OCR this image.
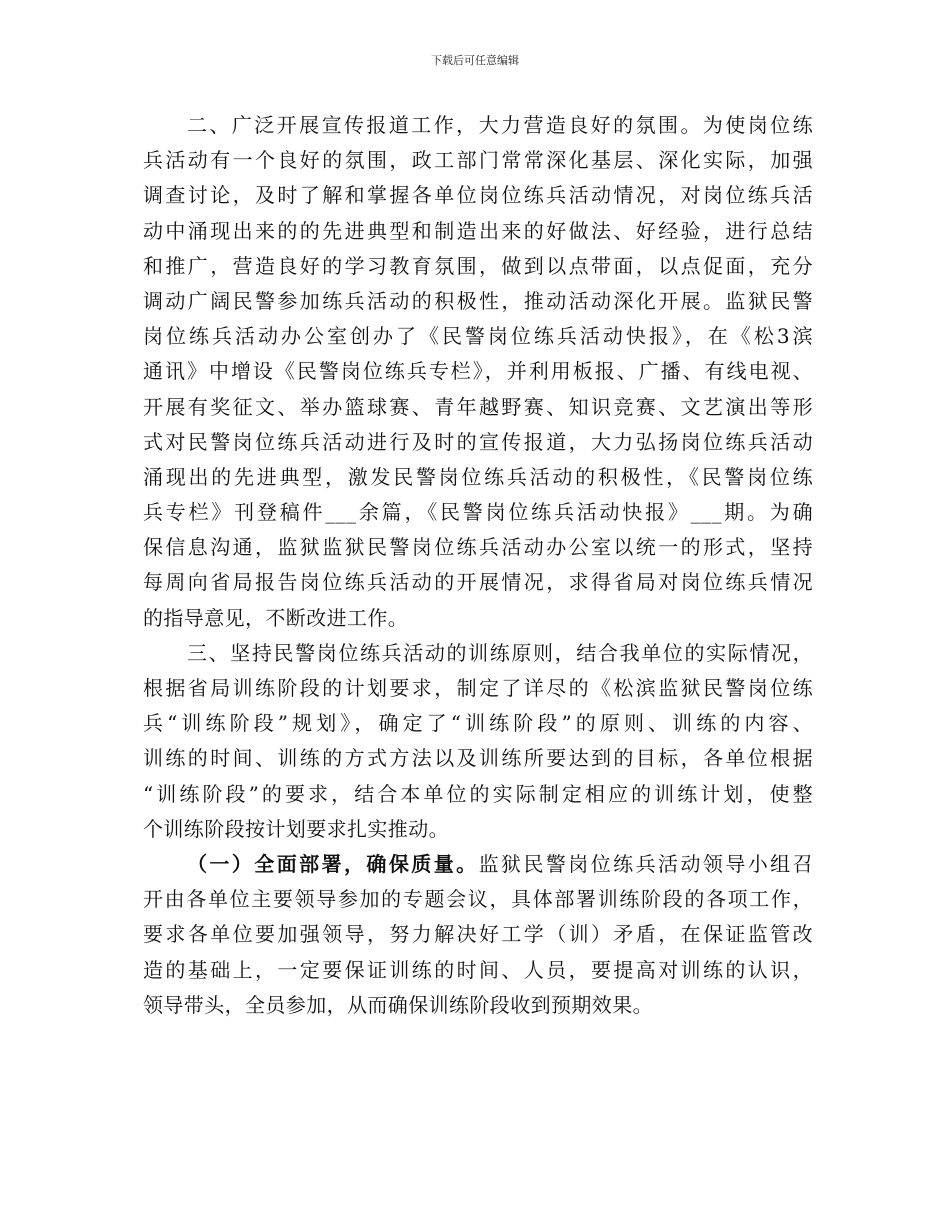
下载后可任意编辑
二、广泛开展宣传报道工作，大力营造良好的氛围。为使岗位练
兵活动有一个良好的氛围，政工部门常常深化基层、深化实际，加强
调查讨论，及时了解和掌握各单位岗位练兵活动情况，对岗位练兵活
动中涌现出来的的先进典型和制造出来的好做法、好经验，进行总结
和推广，营造良好的学习教育氛围，做到以点带面，以点促面，充分
调动广阔民警参加练兵活动的积极性，推动活动深化开展。监狱民警
岗位练兵活动办公室创办了《民警岗位练兵活动快报》，在《松3滨
通讯》中增设《民警岗位练兵专栏》，并利用板报、广播、有线电视、
开展有奖征文、举办篮球赛、青年越野赛、知识竞赛、文艺演出等形
式对民警岗位练兵活动进行及时的宣传报道，大力弘扬岗位练兵活动
涌现出的先进典型，激发民警岗位练兵活动的积极性，《民警岗位练
兵专栏》刊登稿件___余篇，《民警岗位练兵活动快报》___期。为确
保信息沟通，监狱监狱民警岗位练兵活动办公室以统一的形式，坚持
每周向省局报告岗位练兵活动的开展情况，求得省局对岗位练兵情况
的指导意见，不断改进工作。
三、坚持民警岗位练兵活动的训练原则，结合我单位的实际情况，
根据省局训练阶段的计划要求，制定了详尽的《松滨监狱民警岗位练
兵“训练阶段”规划》，确定了“训练阶段”的原则、训练的内容、
训练的时间、训练的方式方法以及训练所要达到的目标，各单位根据
“训练阶段”的要求，结合本单位的实际制定相应的训练计划，使整
个训练阶段按计划要求扎实推动。
（一）全面部署，确保质量。监狱民警岗位练兵活动领导小组召
开由各单位主要领导参加的专题会议，具体部署训练阶段的各项工作，
要求各单位要加强领导，努力解决好工学（训）矛盾，在保证监管改
造的基础上，一定要保证训练的时间、人员，要提高对训练的认识，
领导带头，全员参加，从而确保训练阶段收到预期效果。
